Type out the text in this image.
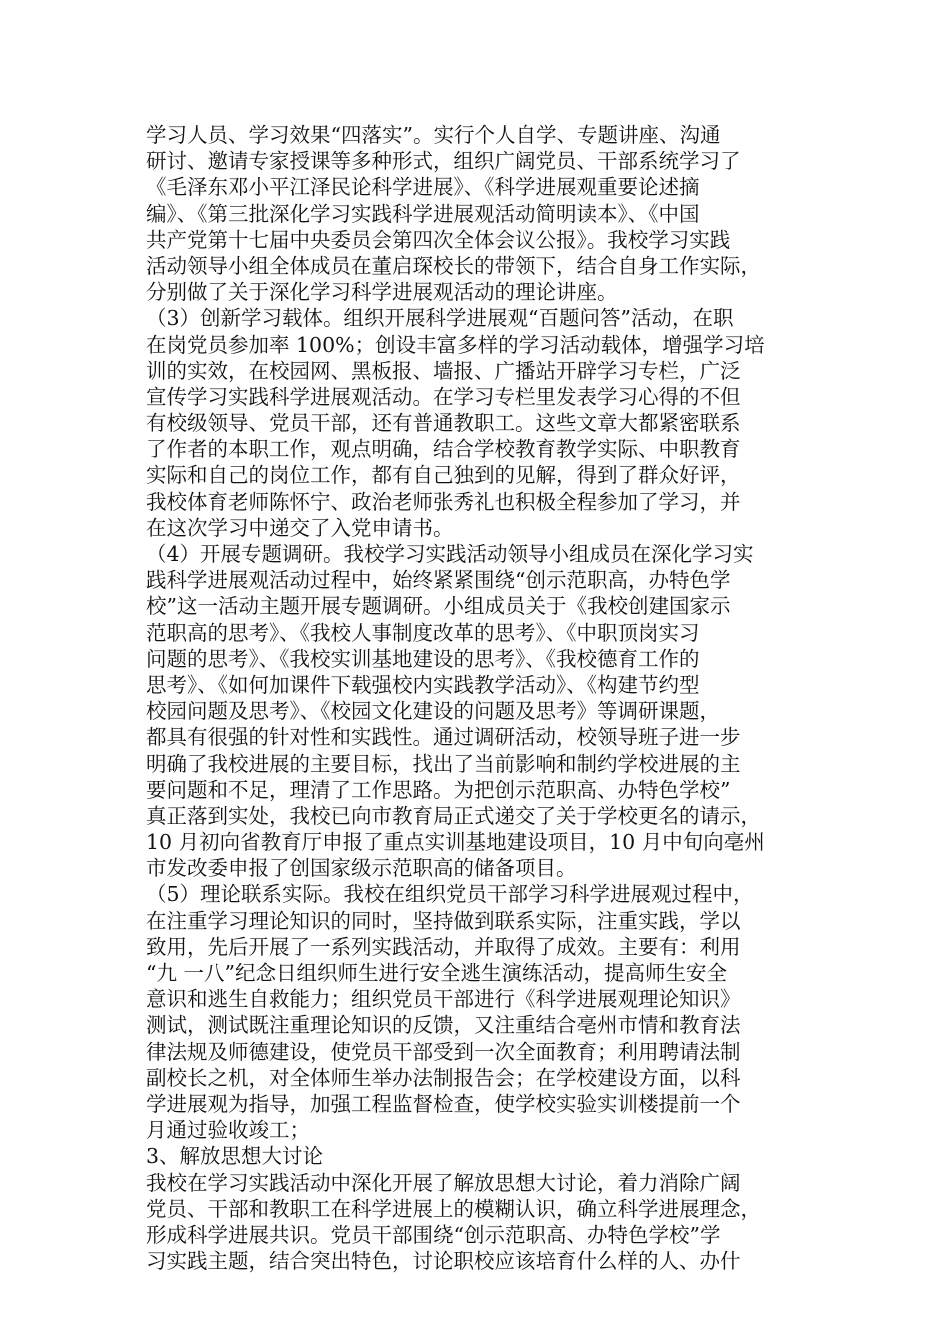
学习人员、学习效果“四落实”。实行个人自学、专题讲座、沟通
研讨、邀请专家授课等多种形式，组织广阔党员、干部系统学习了
《毛泽东邓小平江泽民论科学进展》、《科学进展观重要论述摘
编》、《第三批深化学习实践科学进展观活动简明读本》、《中国
共产党第十七届中央委员会第四次全体会议公报》。我校学习实践
活动领导小组全体成员在董启琛校长的带领下，结合自身工作实际，
分别做了关于深化学习科学进展观活动的理论讲座。
（3）创新学习载体。组织开展科学进展观“百题问答”活动，在职
在岗党员参加率 100%；创设丰富多样的学习活动载体，增强学习培
训的实效，在校园网、黑板报、墙报、广播站开辟学习专栏，广泛
宣传学习实践科学进展观活动。在学习专栏里发表学习心得的不但
有校级领导、党员干部，还有普通教职工。这些文章大都紧密联系
了作者的本职工作，观点明确，结合学校教育教学实际、中职教育
实际和自己的岗位工作，都有自己独到的见解，得到了群众好评，
我校体育老师陈怀宁、政治老师张秀礼也积极全程参加了学习，并
在这次学习中递交了入党申请书。
（4）开展专题调研。我校学习实践活动领导小组成员在深化学习实
践科学进展观活动过程中，始终紧紧围绕“创示范职高，办特色学
校”这一活动主题开展专题调研。小组成员关于《我校创建国家示
范职高的思考》、《我校人事制度改革的思考》、《中职顶岗实习
问题的思考》、《我校实训基地建设的思考》、《我校德育工作的
思考》、《如何加课件下载强校内实践教学活动》、《构建节约型
校园问题及思考》、《校园文化建设的问题及思考》等调研课题，
都具有很强的针对性和实践性。通过调研活动，校领导班子进一步
明确了我校进展的主要目标，找出了当前影响和制约学校进展的主
要问题和不足，理清了工作思路。为把创示范职高、办特色学校”
真正落到实处，我校已向市教育局正式递交了关于学校更名的请示，
10 月初向省教育厅申报了重点实训基地建设项目，10 月中旬向亳州
市发改委申报了创国家级示范职高的储备项目。
（5）理论联系实际。我校在组织党员干部学习科学进展观过程中，
在注重学习理论知识的同时，坚持做到联系实际，注重实践，学以
致用，先后开展了一系列实践活动，并取得了成效。主要有：利用
“九 一八”纪念日组织师生进行安全逃生演练活动，提高师生安全
意识和逃生自救能力；组织党员干部进行《科学进展观理论知识》
测试，测试既注重理论知识的反馈，又注重结合亳州市情和教育法
律法规及师德建设，使党员干部受到一次全面教育；利用聘请法制
副校长之机，对全体师生举办法制报告会；在学校建设方面，以科
学进展观为指导，加强工程监督检查，使学校实验实训楼提前一个
月通过验收竣工；
3、解放思想大讨论
我校在学习实践活动中深化开展了解放思想大讨论，着力消除广阔
党员、干部和教职工在科学进展上的模糊认识，确立科学进展理念，
形成科学进展共识。党员干部围绕“创示范职高、办特色学校”学
习实践主题，结合突出特色，讨论职校应该培育什么样的人、办什
